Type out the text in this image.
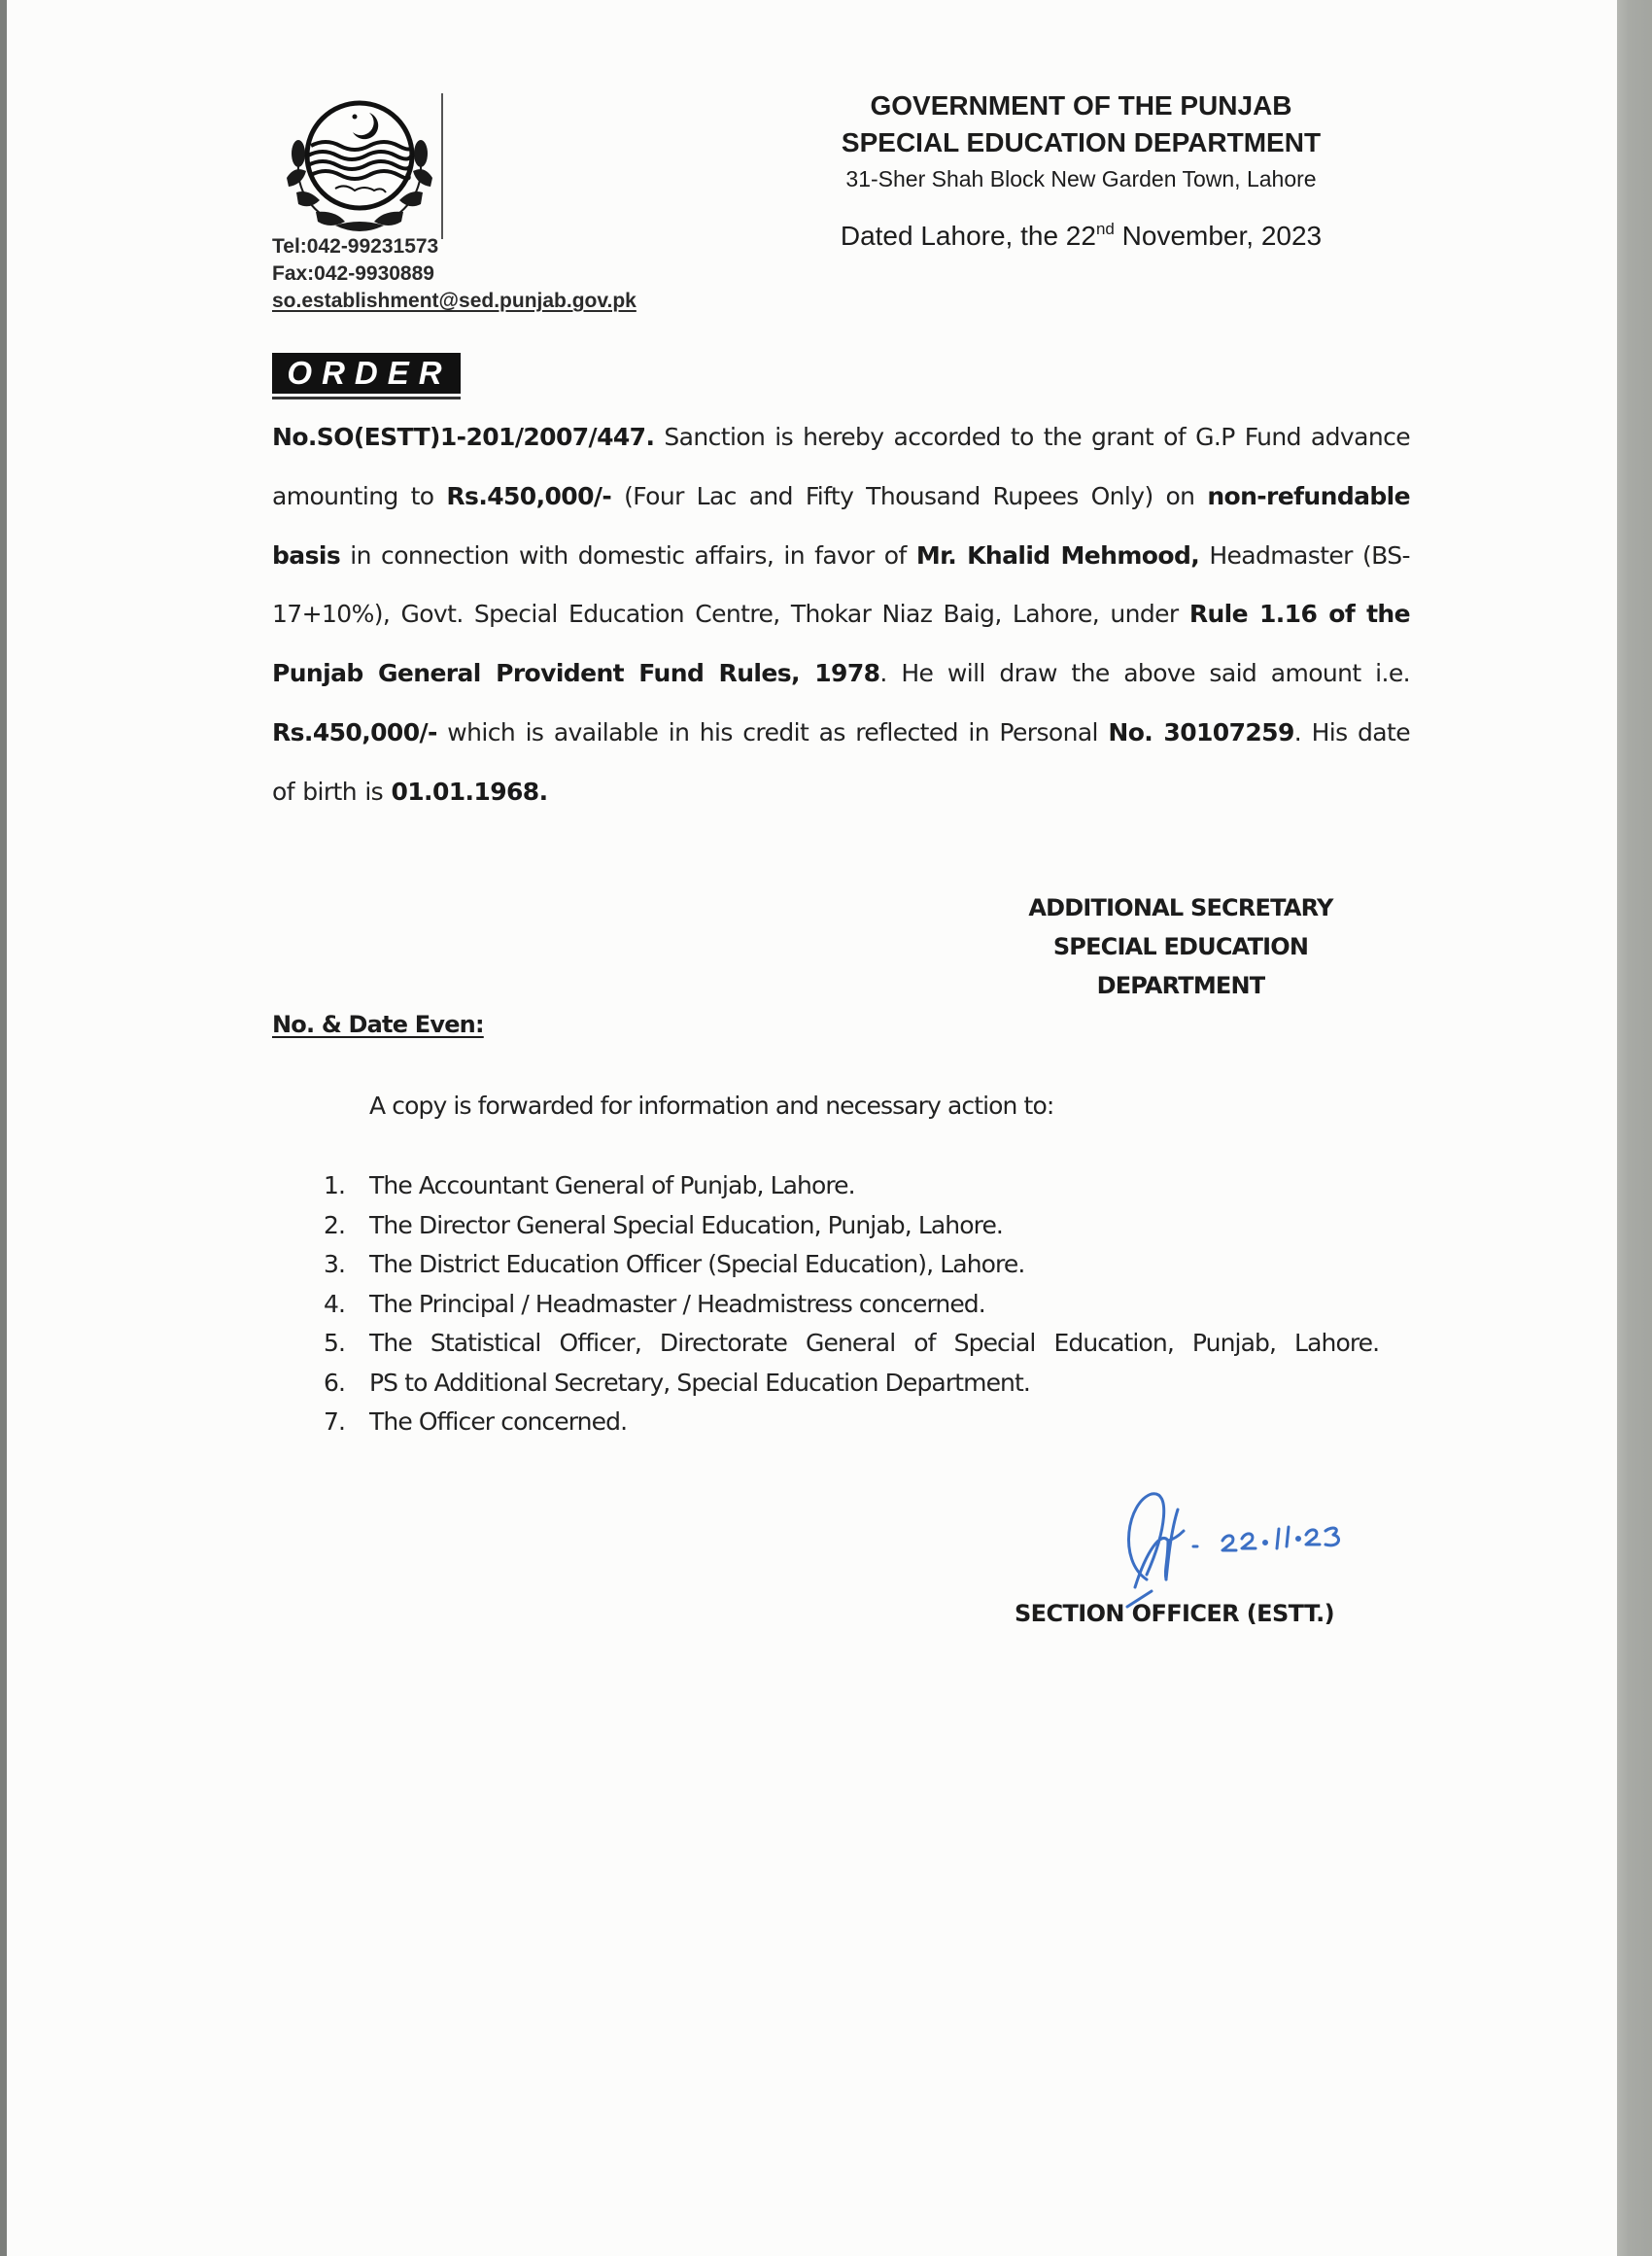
Tel:042-99231573
Fax:042-9930889
so.establishment@sed.punjab.gov.pk
GOVERNMENT OF THE PUNJAB
SPECIAL EDUCATION DEPARTMENT
31-Sher Shah Block New Garden Town, Lahore
Dated Lahore, the 22nd November, 2023
ORDER
No.SO(ESTT)1-201/2007/447. Sanction is hereby accorded to the grant of G.P Fund advance amounting to Rs.450,000/- (Four Lac and Fifty Thousand Rupees Only) on non-refundable basis in connection with domestic affairs, in favor of Mr. Khalid Mehmood, Headmaster (BS-17+10%), Govt. Special Education Centre, Thokar Niaz Baig, Lahore, under Rule 1.16 of the Punjab General Provident Fund Rules, 1978. He will draw the above said amount i.e. Rs.450,000/- which is available in his credit as reflected in Personal No. 30107259. His date of birth is 01.01.1968.
ADDITIONAL SECRETARY
SPECIAL EDUCATION
DEPARTMENT
No. & Date Even:
A copy is forwarded for information and necessary action to:
1. The Accountant General of Punjab, Lahore.
2. The Director General Special Education, Punjab, Lahore.
3. The District Education Officer (Special Education), Lahore.
4. The Principal / Headmaster / Headmistress concerned.
5. The Statistical Officer, Directorate General of Special Education, Punjab, Lahore.
6. PS to Additional Secretary, Special Education Department.
7. The Officer concerned.
SECTION OFFICER (ESTT.)
